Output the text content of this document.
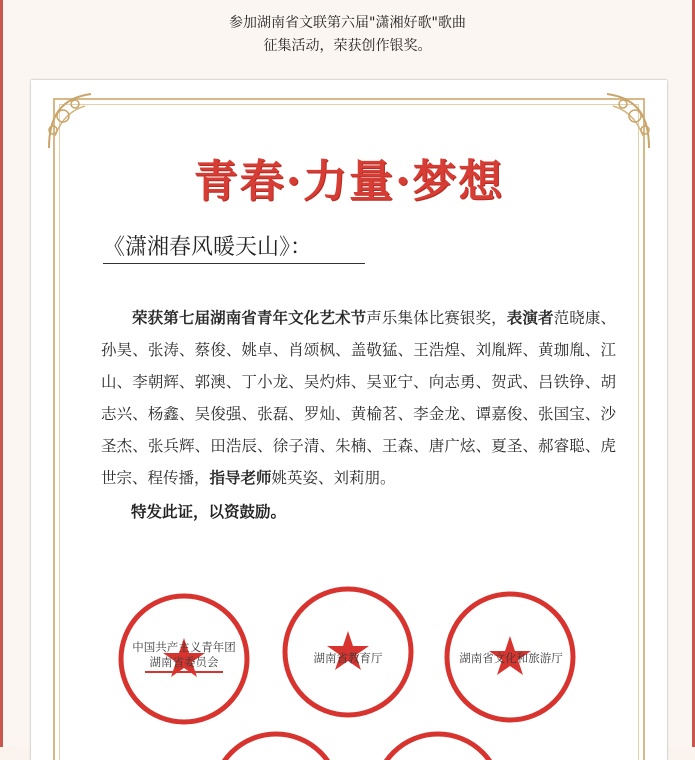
参加湖南省文联第六届"潇湘好歌"歌曲
征集活动，荣获创作银奖。
青春·力量·梦想
《潇湘春风暖天山》：
荣获第七届湖南省青年文化艺术节声乐集体比赛银奖，表演者范晓康、孙昊、张涛、蔡俊、姚卓、肖颂枫、盖敬猛、王浩煌、刘胤辉、黄珈胤、江山、李朝辉、郭澳、丁小龙、吴灼炜、吴亚宁、向志勇、贺武、吕铁铮、胡志兴、杨鑫、吴俊强、张磊、罗灿、黄榆茗、李金龙、谭嘉俊、张国宝、沙圣杰、张兵辉、田浩辰、徐子清、朱楠、王森、唐广炫、夏圣、郝睿聪、虎世宗、程传播，指导老师姚英姿、刘莉朋。
特发此证，以资鼓励。
中国共产主义青年团湖南省委员会	湖南省教育厅	湖南省文化和旅游厅
